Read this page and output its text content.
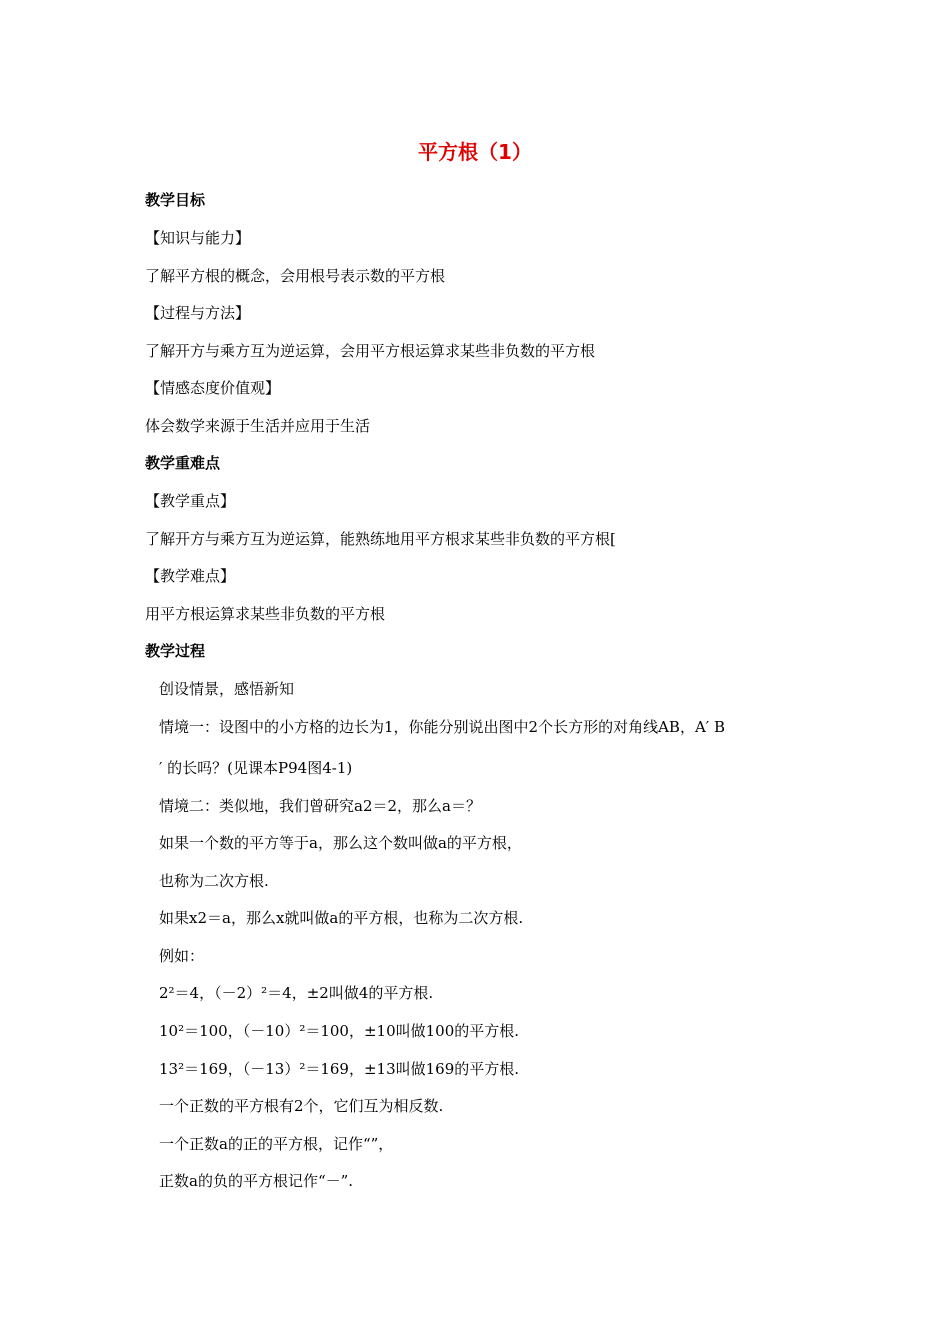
平方根（1）
教学目标
【知识与能力】
了解平方根的概念，会用根号表示数的平方根
【过程与方法】
了解开方与乘方互为逆运算，会用平方根运算求某些非负数的平方根
【情感态度价值观】
体会数学来源于生活并应用于生活
教学重难点
【教学重点】
了解开方与乘方互为逆运算，能熟练地用平方根求某些非负数的平方根[
【教学难点】
用平方根运算求某些非负数的平方根
教学过程
创设情景，感悟新知
情境一：设图中的小方格的边长为1，你能分别说出图中2个长方形的对角线AB，A′ B
′ 的长吗？(见课本P94图4-1)
情境二：类似地，我们曾研究a2＝2，那么a＝？
如果一个数的平方等于a，那么这个数叫做a的平方根，
也称为二次方根.
如果x2＝a，那么x就叫做a的平方根，也称为二次方根.
例如：
2²＝4，（－2）²＝4，±2叫做4的平方根.
10²＝100，（－10）²＝100，±10叫做100的平方根.
13²＝169，（－13）²＝169，±13叫做169的平方根.
一个正数的平方根有2个，它们互为相反数.
一个正数a的正的平方根，记作“”，
正数a的负的平方根记作“－”.
